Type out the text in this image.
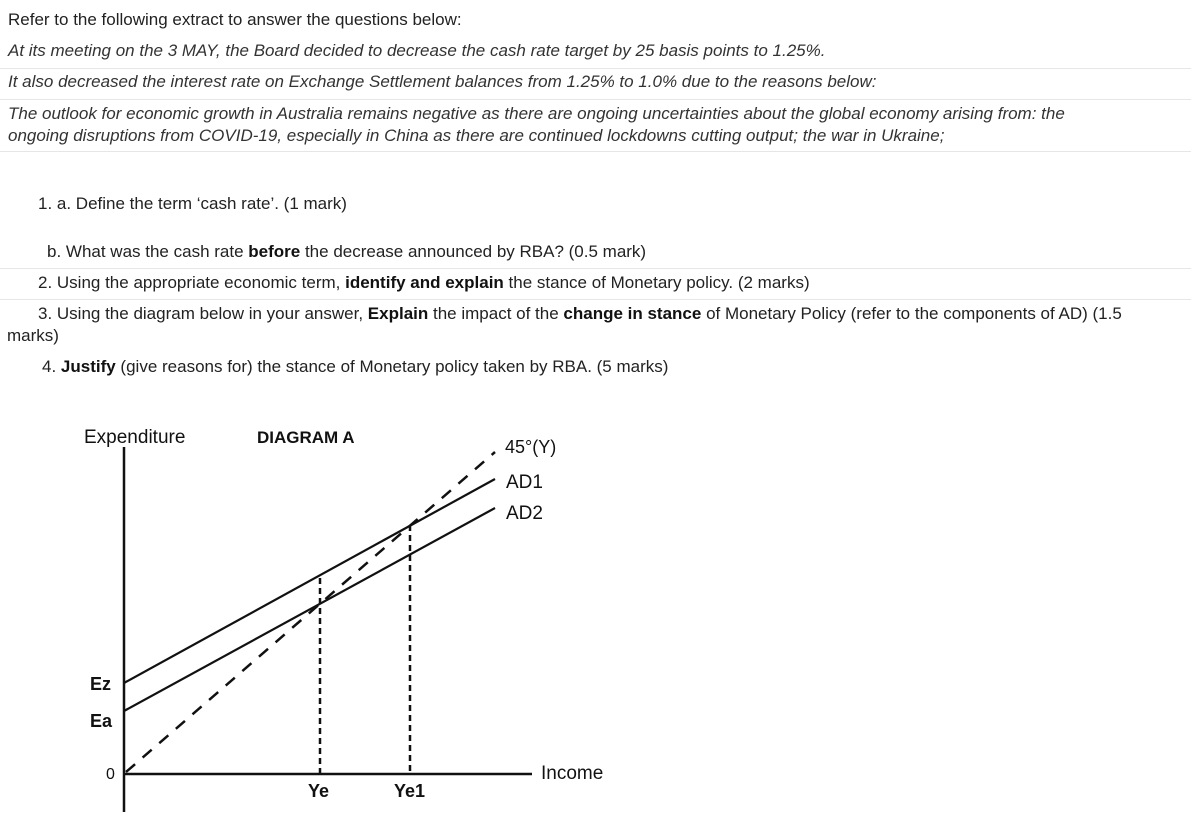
Refer to the following extract to answer the questions below:
At its meeting on the 3 MAY, the Board decided to decrease the cash rate target by 25 basis points to 1.25%.
It also decreased the interest rate on Exchange Settlement balances from 1.25% to 1.0% due to the reasons below:
The outlook for economic growth in Australia remains negative as there are ongoing uncertainties about the global economy arising from: the
ongoing disruptions from COVID-19, especially in China as there are continued lockdowns cutting output; the war in Ukraine;
1. a. Define the term ‘cash rate’. (1 mark)
b. What was the cash rate before the decrease announced by RBA? (0.5 mark)
2. Using the appropriate economic term, identify and explain the stance of Monetary policy. (2 marks)
3. Using the diagram below in your answer, Explain the impact of the change in stance of Monetary Policy (refer to the components of AD) (1.5
marks)
4. Justify (give reasons for) the stance of Monetary policy taken by RBA. (5 marks)
Expenditure	DIAGRAM A	45°(Y)
AD1
AD2
Ez
Ea
0	Income
Ye	Ye1
